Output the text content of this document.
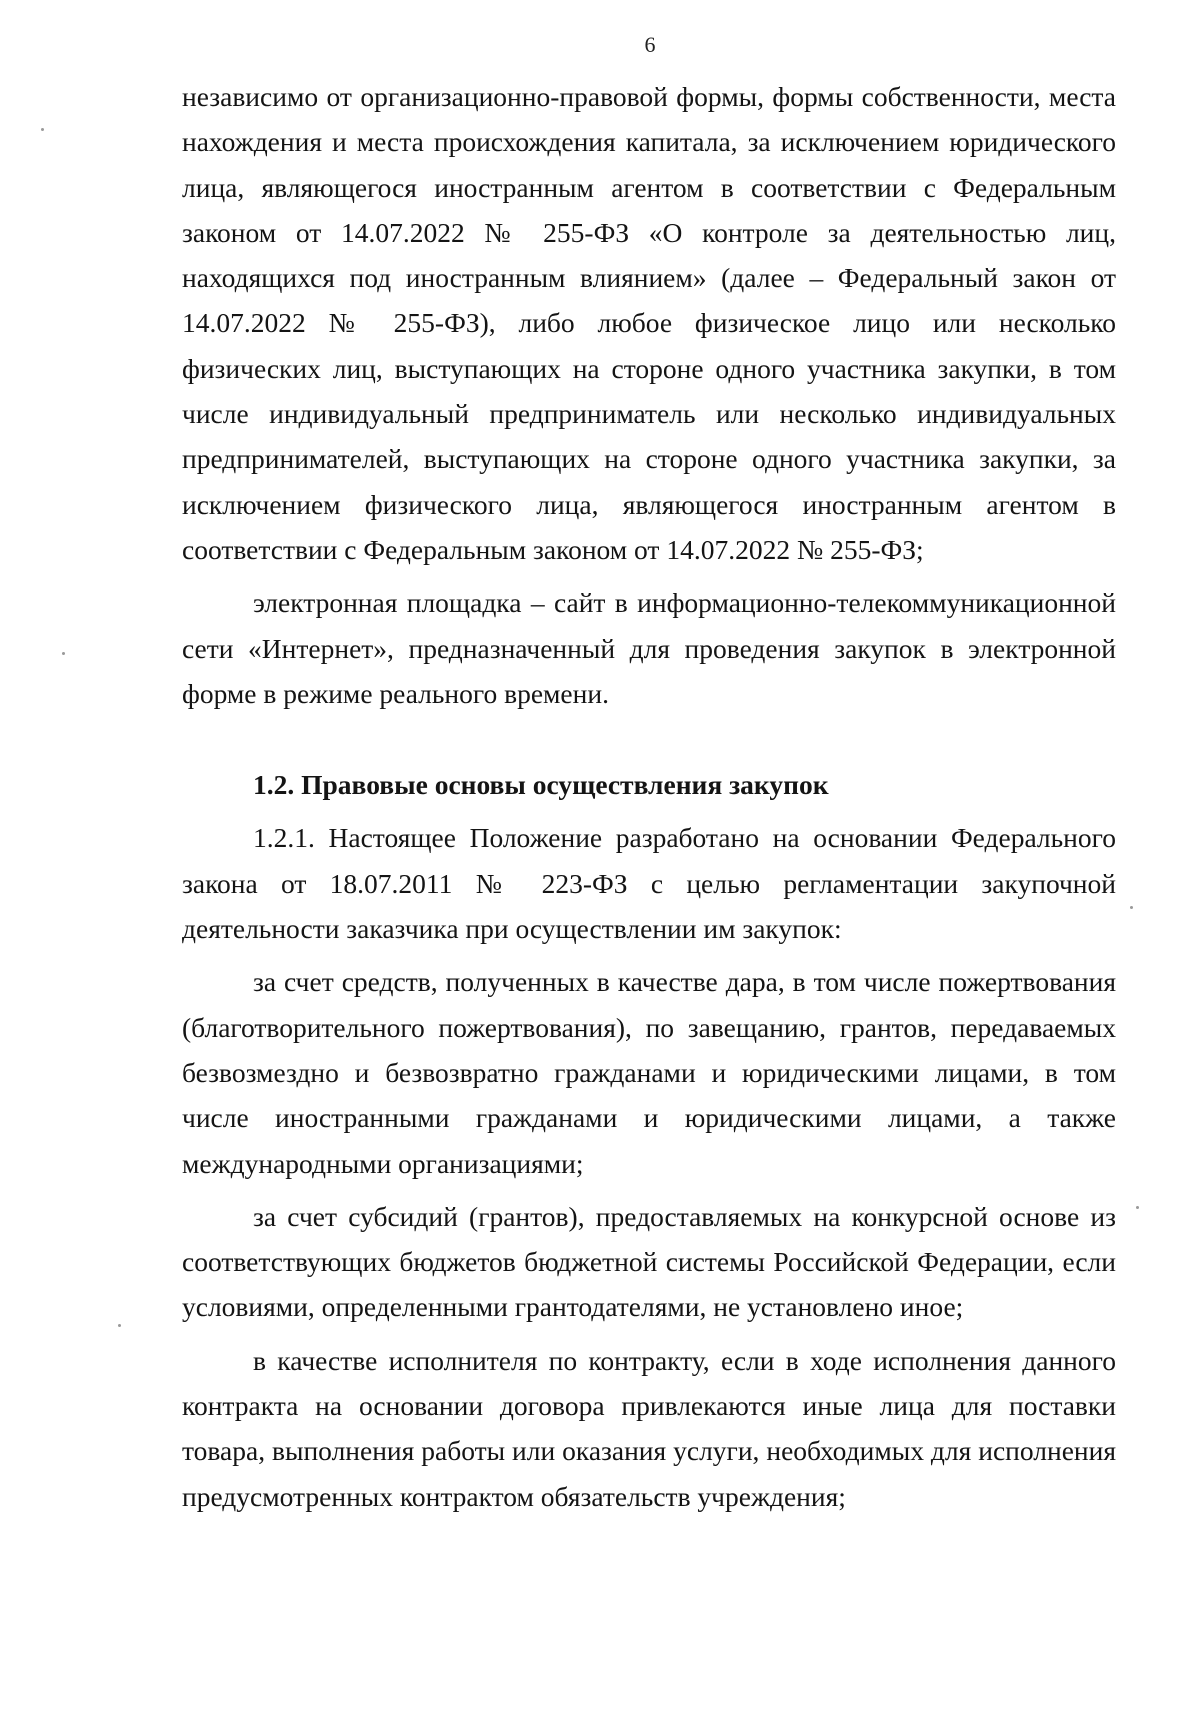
6

независимо от организационно-правовой формы, формы собственности, места нахождения и места происхождения капитала, за исключением юридического лица, являющегося иностранным агентом в соответствии с Федеральным законом от 14.07.2022 № 255-ФЗ «О контроле за деятельностью лиц, находящихся под иностранным влиянием» (далее – Федеральный закон от 14.07.2022 № 255-ФЗ), либо любое физическое лицо или несколько физических лиц, выступающих на стороне одного участника закупки, в том числе индивидуальный предприниматель или несколько индивидуальных предпринимателей, выступающих на стороне одного участника закупки, за исключением физического лица, являющегося иностранным агентом в соответствии с Федеральным законом от 14.07.2022 № 255-ФЗ;

электронная площадка – сайт в информационно-телекоммуникационной сети «Интернет», предназначенный для проведения закупок в электронной форме в режиме реального времени.

1.2. Правовые основы осуществления закупок

1.2.1. Настоящее Положение разработано на основании Федерального закона от 18.07.2011 № 223-ФЗ с целью регламентации закупочной деятельности заказчика при осуществлении им закупок:

за счет средств, полученных в качестве дара, в том числе пожертвования (благотворительного пожертвования), по завещанию, грантов, передаваемых безвозмездно и безвозвратно гражданами и юридическими лицами, в том числе иностранными гражданами и юридическими лицами, а также международными организациями;

за счет субсидий (грантов), предоставляемых на конкурсной основе из соответствующих бюджетов бюджетной системы Российской Федерации, если условиями, определенными грантодателями, не установлено иное;

в качестве исполнителя по контракту, если в ходе исполнения данного контракта на основании договора привлекаются иные лица для поставки товара, выполнения работы или оказания услуги, необходимых для исполнения предусмотренных контрактом обязательств учреждения;
